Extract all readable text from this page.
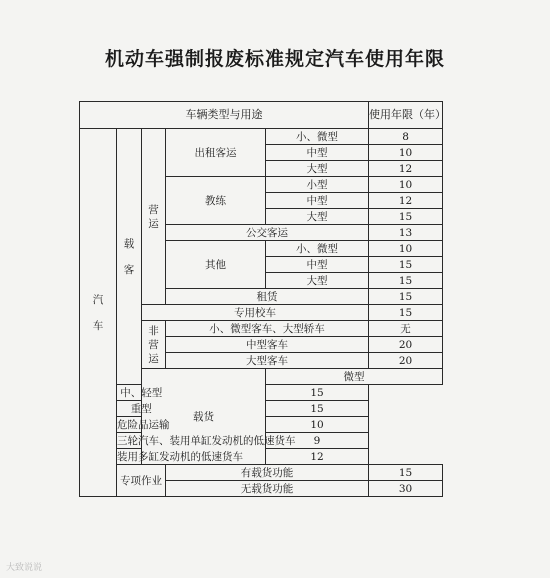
机动车强制报废标准规定汽车使用年限
车辆类型与用途					使用年限（年）	
汽车	载客	营运	出租客运	小、微型	8	
				中型	10	
				大型	12	
			教练	小型	10	
				中型	12	
				大型	15	
			公交客运		13	
			其他	小、微型	10	
				中型	15	
				大型	15	
			租赁		15	
		专用校车			15	
		非营运	小、微型客车、大型轿车		无	
			中型客车		20	
			大型客车		20	
		载货		微型	
	中、轻型			15		
	重型			15		
	危险品运输			10		
	三轮汽车、装用单缸发动机的低速货车			9		
	装用多缸发动机的低速货车			12		
	专项作业		有载货功能		15	
			无载货功能		30	
大致说说
